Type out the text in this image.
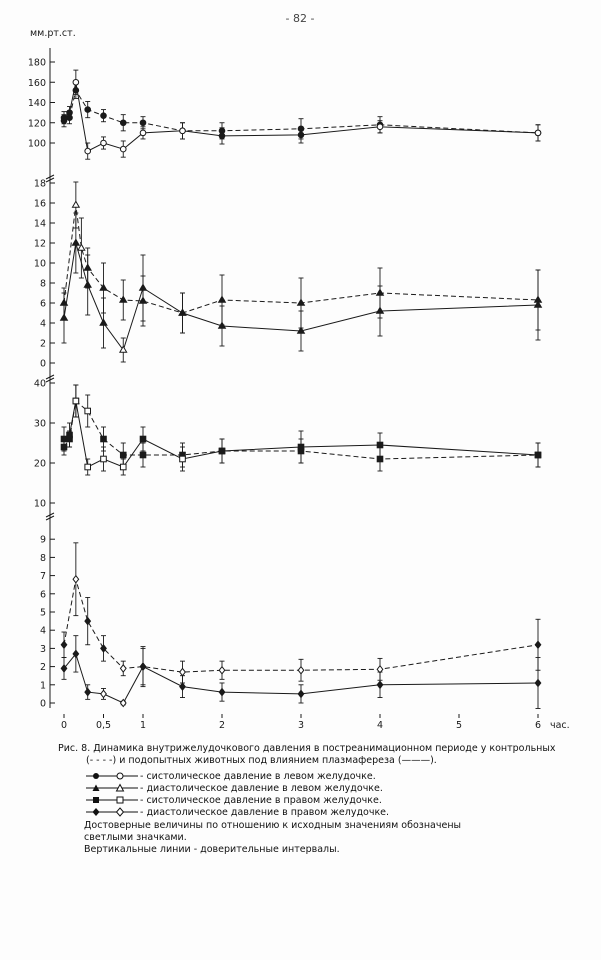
- 82 -
мм.рт.ст.
100
120
140
160
180
0
2
4
6
8
10
12
14
16
18
10
20
30
40
0
1
2
3
4
5
6
7
8
9
0	0,5	1	2	3	4	5	6 час.
Рис. 8. Динамика внутрижелудочкового давления в постреанимационном периоде у контрольных
(- - - -) и подопытных животных под влиянием плазмафереза (———).
- систолическое давление в левом желудочке.
- диастолическое давление в левом желудочке.
- систолическое давление в правом желудочке.
- диастолическое давление в правом желудочке.
Достоверные величины по отношению к исходным значениям обозначены
светлыми значками.
Вертикальные линии - доверительные интервалы.
